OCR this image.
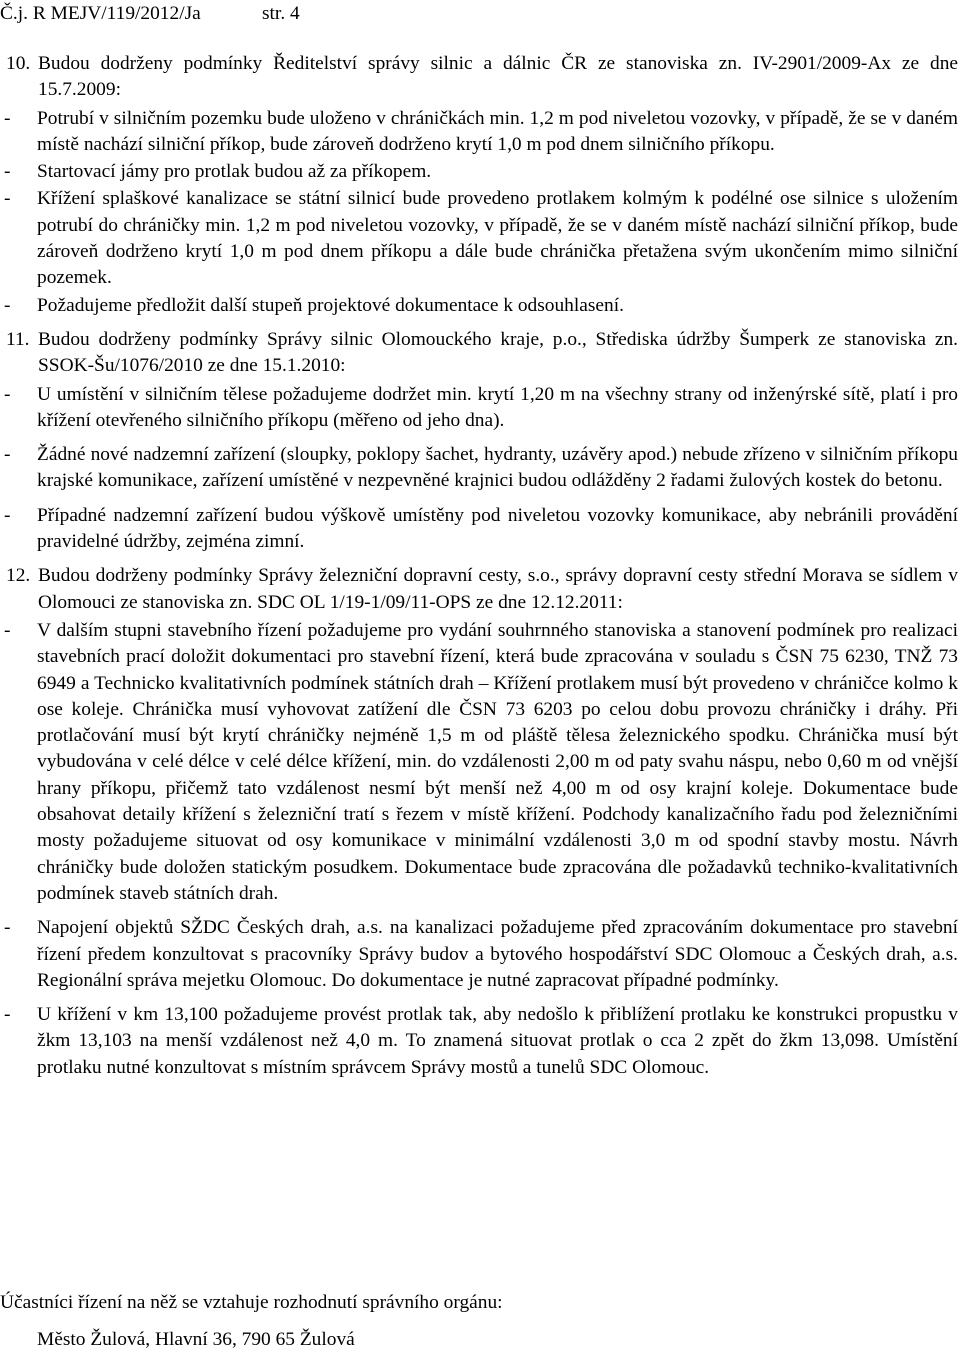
Č.j. R MEJV/119/2012/Ja	str. 4
10. Budou dodrženy podmínky Ředitelství správy silnic a dálnic ČR ze stanoviska zn. IV-2901/2009-Ax ze dne 15.7.2009:
- Potrubí v silničním pozemku bude uloženo v chráničkách min. 1,2 m pod niveletou vozovky, v případě, že se v daném místě nachází silniční příkop, bude zároveň dodrženo krytí 1,0 m pod dnem silničního příkopu.
- Startovací jámy pro protlak budou až za příkopem.
- Křížení splaškové kanalizace se státní silnicí bude provedeno protlakem kolmým k podélné ose silnice s uložením potrubí do chráničky min. 1,2 m pod niveletou vozovky, v případě, že se v daném místě nachází silniční příkop, bude zároveň dodrženo krytí 1,0 m pod dnem příkopu a dále bude chránička přetažena svým ukončením mimo silniční pozemek.
- Požadujeme předložit další stupeň projektové dokumentace k odsouhlasení.
11. Budou dodrženy podmínky Správy silnic Olomouckého kraje, p.o., Střediska údržby Šumperk ze stanoviska zn. SSOK-Šu/1076/2010 ze dne 15.1.2010:
- U umístění v silničním tělese požadujeme dodržet min. krytí 1,20 m na všechny strany od inženýrské sítě, platí i pro křížení otevřeného silničního příkopu (měřeno od jeho dna).
- Žádné nové nadzemní zařízení (sloupky, poklopy šachet, hydranty, uzávěry apod.) nebude zřízeno v silničním příkopu krajské komunikace, zařízení umístěné v nezpevněné krajnici budou odlážděny 2 řadami žulových kostek do betonu.
- Případné nadzemní zařízení budou výškově umístěny pod niveletou vozovky komunikace, aby nebránili provádění pravidelné údržby, zejména zimní.
12. Budou dodrženy podmínky Správy železniční dopravní cesty, s.o., správy dopravní cesty střední Morava se sídlem v Olomouci ze stanoviska zn. SDC OL 1/19-1/09/11-OPS ze dne 12.12.2011:
- V dalším stupni stavebního řízení požadujeme pro vydání souhrnného stanoviska a stanovení podmínek pro realizaci stavebních prací doložit dokumentaci pro stavební řízení, která bude zpracována v souladu s ČSN 75 6230, TNŽ 73 6949 a Technicko kvalitativních podmínek státních drah – Křížení protlakem musí být provedeno v chráničce kolmo k ose koleje. Chránička musí vyhovovat zatížení dle ČSN 73 6203 po celou dobu provozu chráničky i dráhy. Při protlačování musí být krytí chráničky nejméně 1,5 m od pláště tělesa železnického spodku. Chránička musí být vybudována v celé délce v celé délce křížení, min. do vzdálenosti 2,00 m od paty svahu náspu, nebo 0,60 m od vnější hrany příkopu, přičemž tato vzdálenost nesmí být menší než 4,00 m od osy krajní koleje. Dokumentace bude obsahovat detaily křížení s železniční tratí s řezem v místě křížení. Podchody kanalizačního řadu pod železničními mosty požadujeme situovat od osy komunikace v minimální vzdálenosti 3,0 m od spodní stavby mostu. Návrh chráničky bude doložen statickým posudkem. Dokumentace bude zpracována dle požadavků techniko-kvalitativních podmínek staveb státních drah.
- Napojení objektů SŽDC Českých drah, a.s. na kanalizaci požadujeme před zpracováním dokumentace pro stavební řízení předem konzultovat s pracovníky Správy budov a bytového hospodářství SDC Olomouc a Českých drah, a.s. Regionální správa mejetku Olomouc. Do dokumentace je nutné zapracovat případné podmínky.
- U křížení v km 13,100 požadujeme provést protlak tak, aby nedošlo k přiblížení protlaku ke konstrukci propustku v žkm 13,103 na menší vzdálenost než 4,0 m. To znamená situovat protlak o cca 2 zpět do žkm 13,098. Umístění protlaku nutné konzultovat s místním správcem Správy mostů a tunelů SDC Olomouc.
Účastníci řízení na něž se vztahuje rozhodnutí správního orgánu:
Město Žulová, Hlavní 36, 790 65 Žulová
